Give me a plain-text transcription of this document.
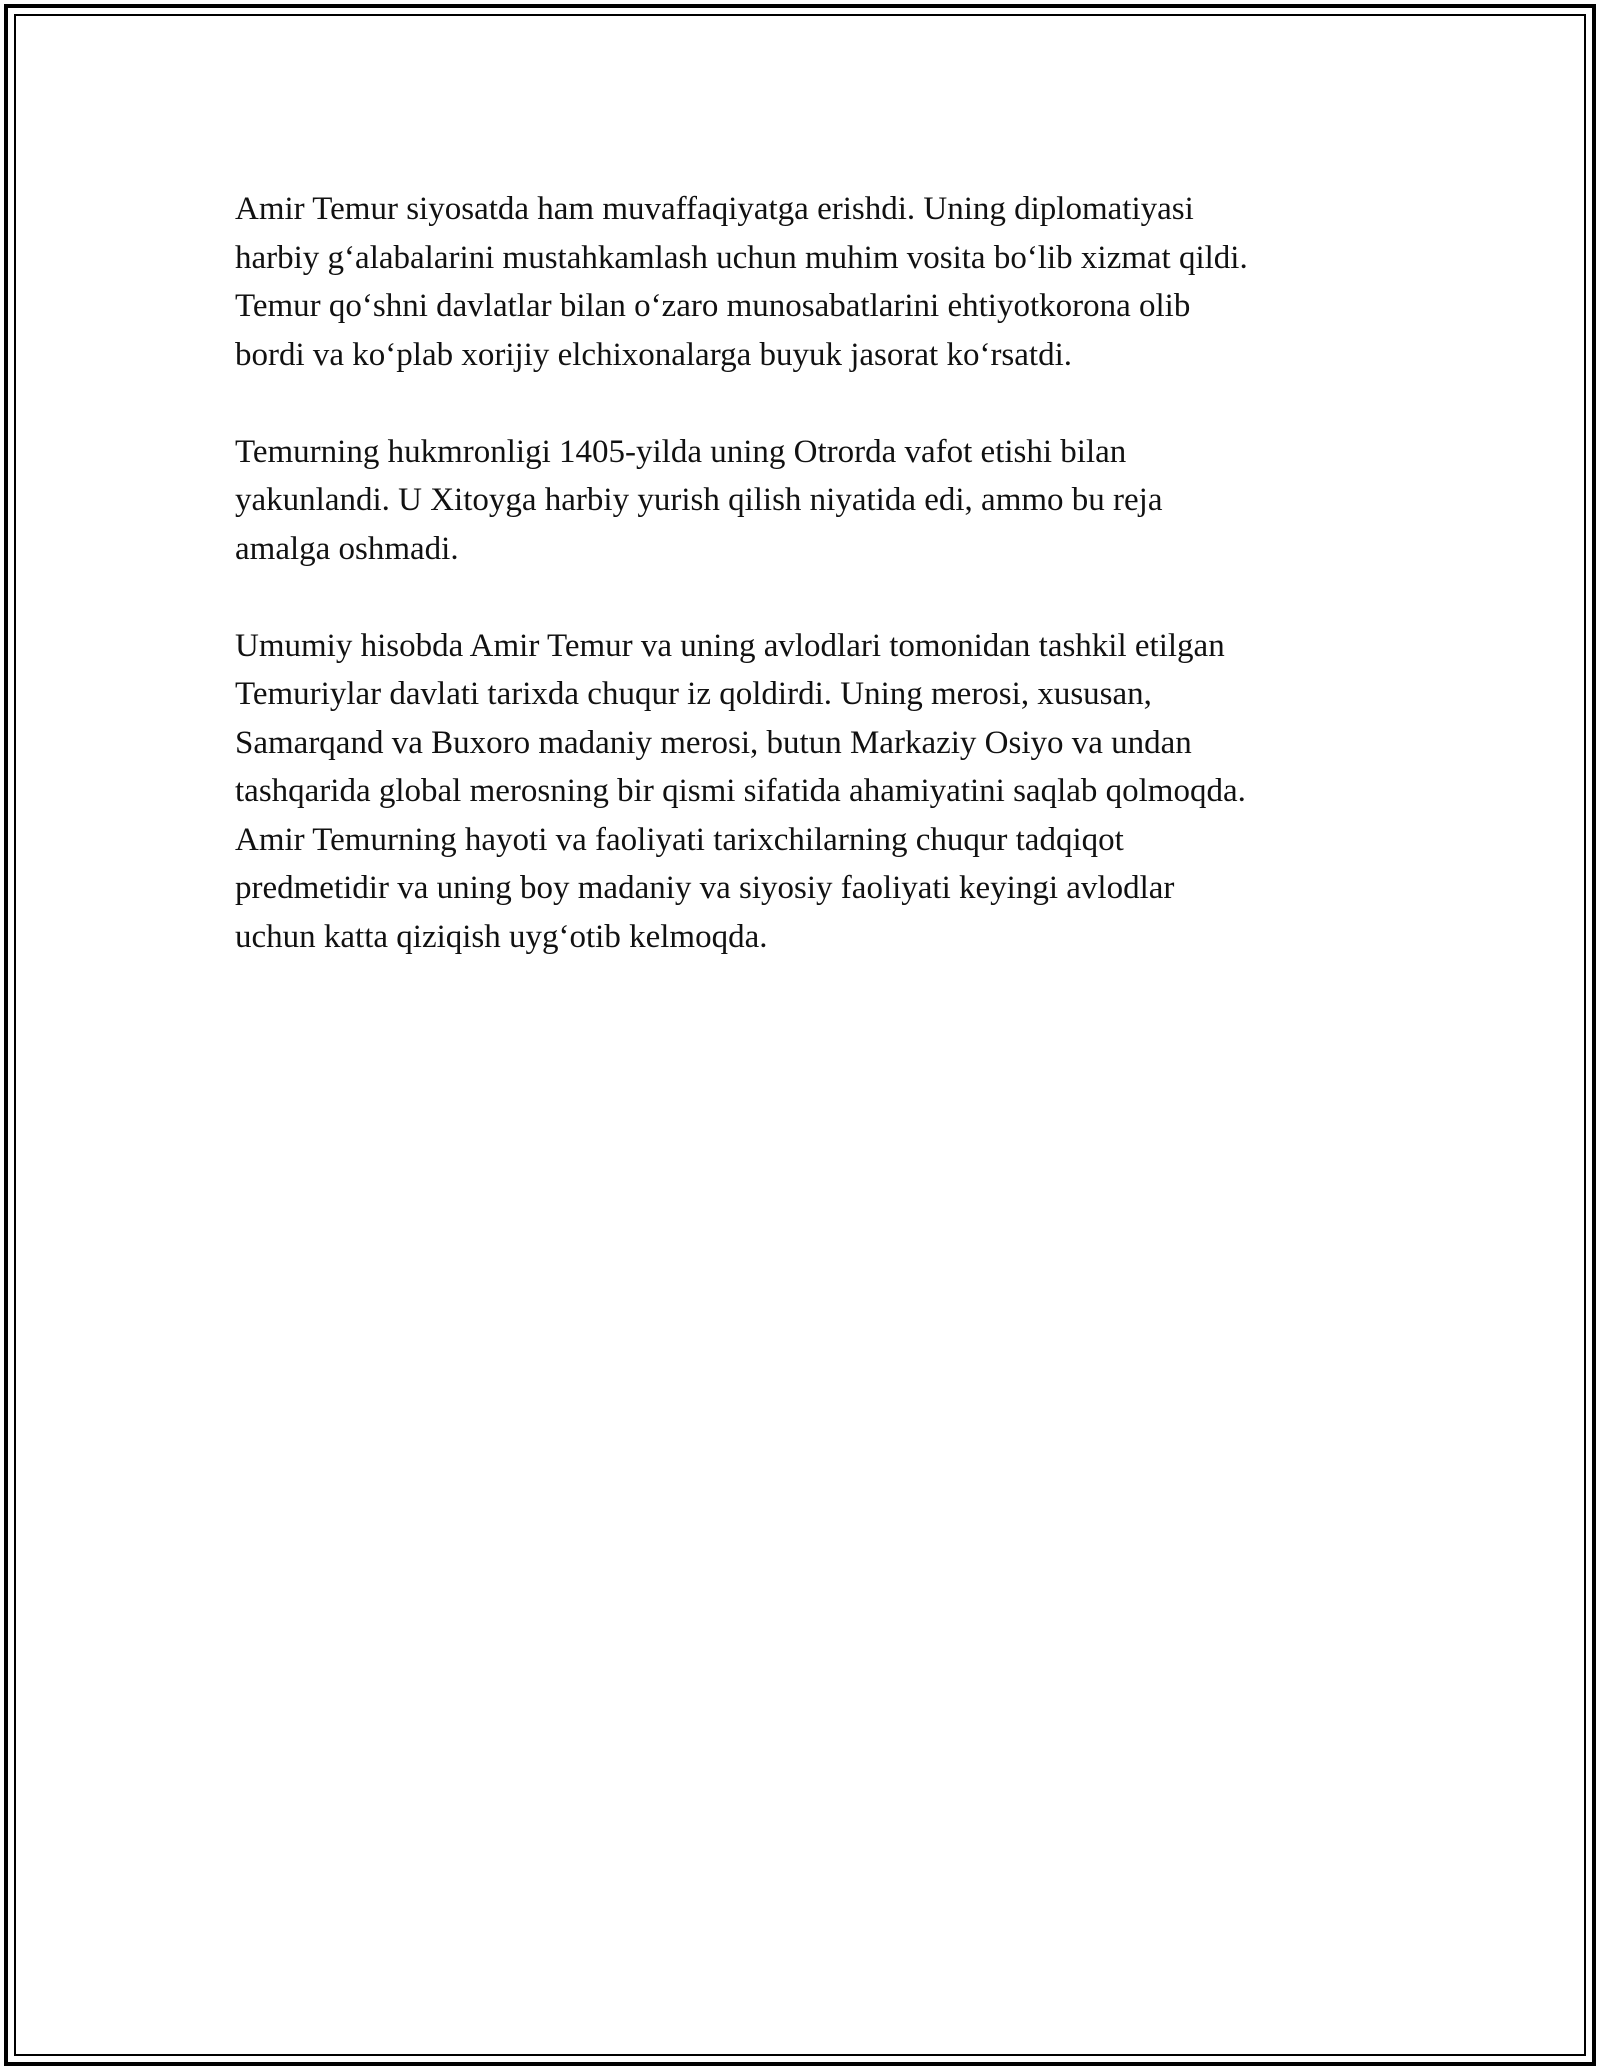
Amir Temur siyosatda ham muvaffaqiyatga erishdi. Uning diplomatiyasi
harbiy gʻalabalarini mustahkamlash uchun muhim vosita boʻlib xizmat qildi.
Temur qoʻshni davlatlar bilan oʻzaro munosabatlarini ehtiyotkorona olib
bordi va koʻplab xorijiy elchixonalarga buyuk jasorat koʻrsatdi.

Temurning hukmronligi 1405-yilda uning Otrorda vafot etishi bilan
yakunlandi. U Xitoyga harbiy yurish qilish niyatida edi, ammo bu reja
amalga oshmadi.

Umumiy hisobda Amir Temur va uning avlodlari tomonidan tashkil etilgan
Temuriylar davlati tarixda chuqur iz qoldirdi. Uning merosi, xususan,
Samarqand va Buxoro madaniy merosi, butun Markaziy Osiyo va undan
tashqarida global merosning bir qismi sifatida ahamiyatini saqlab qolmoqda.
Amir Temurning hayoti va faoliyati tarixchilarning chuqur tadqiqot
predmetidir va uning boy madaniy va siyosiy faoliyati keyingi avlodlar
uchun katta qiziqish uygʻotib kelmoqda.
